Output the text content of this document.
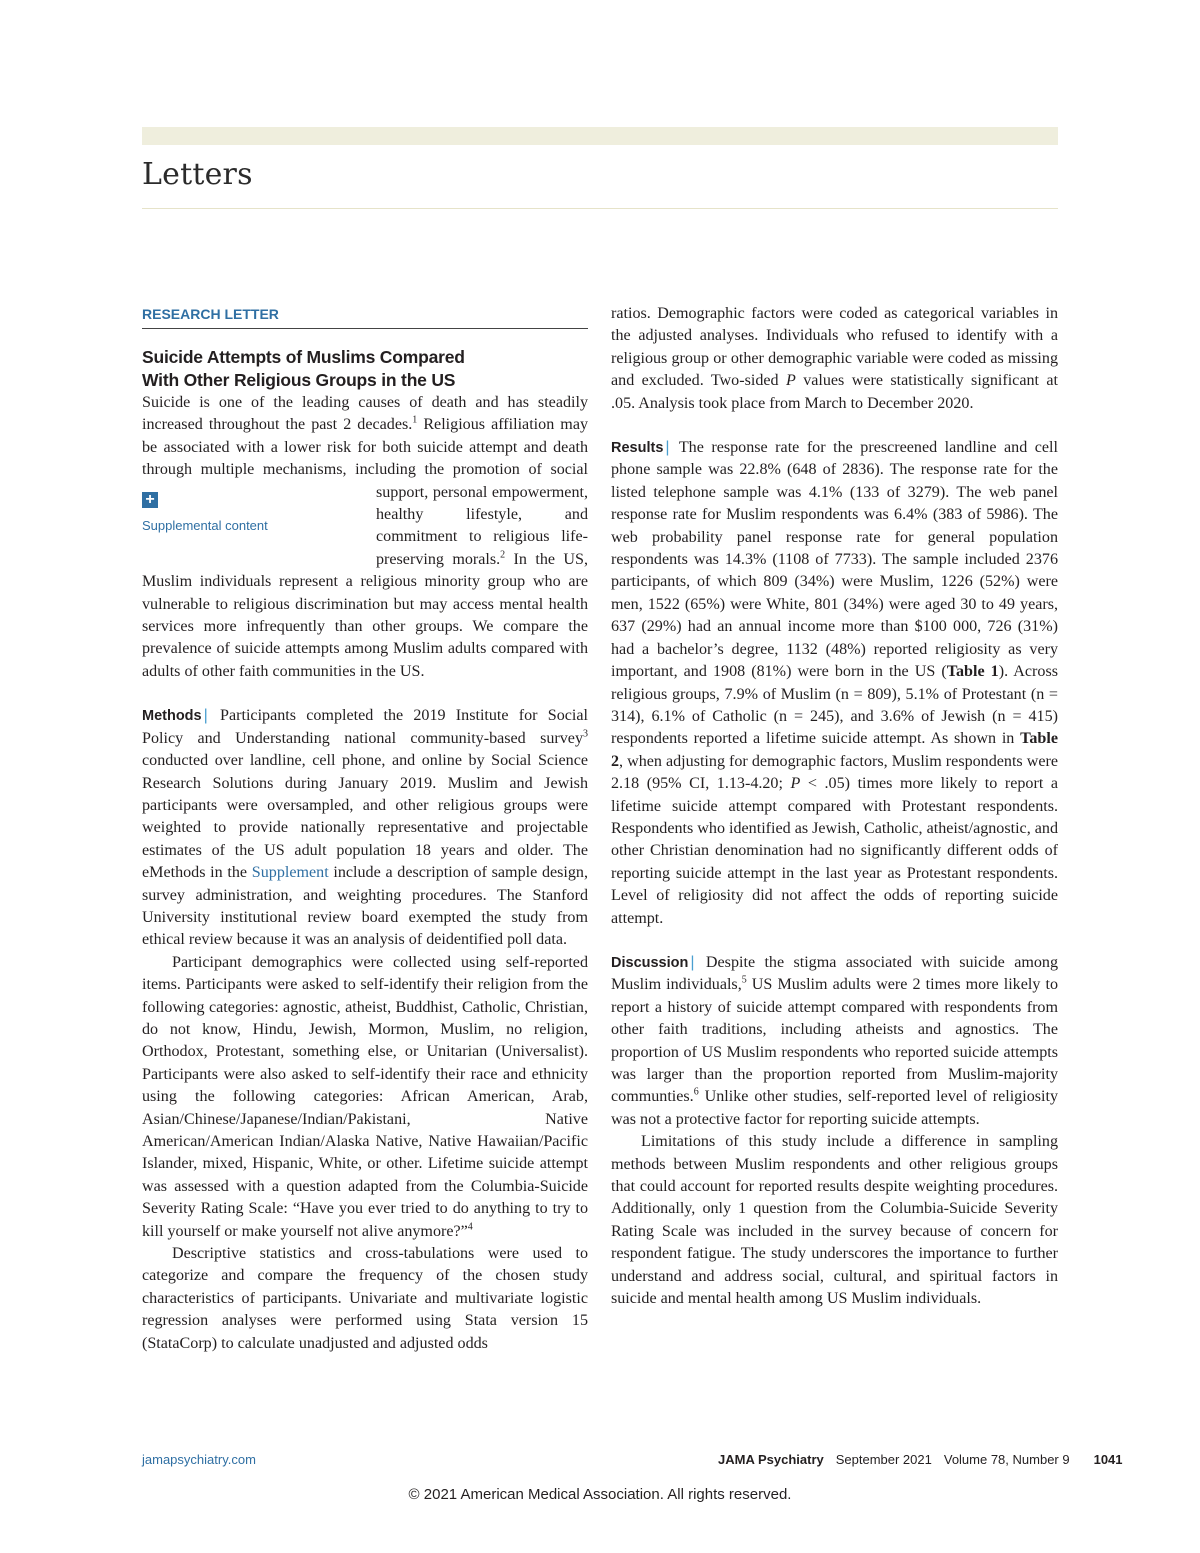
Letters
RESEARCH LETTER
Suicide Attempts of Muslims Compared
With Other Religious Groups in the US

Suicide is one of the leading causes of death and has steadily increased throughout the past 2 decades.$^1$ Religious affiliation may be associated with a lower risk for both suicide attempt and death through multiple mechanisms, including
+
Supplemental content
the promotion of social support, personal empowerment, healthy lifestyle, and commitment to religious life-preserving morals.$^2$ In the US, Muslim individuals represent a religious minority group who are vulnerable to religious discrimination but may access mental health services more infrequently than other groups. We compare the prevalence of suicide attempts among Muslim adults compared with adults of other faith communities in the US.

Methods | Participants completed the 2019 Institute for Social Policy and Understanding national community-based survey$^3$ conducted over landline, cell phone, and online by Social Science Research Solutions during January 2019. Muslim and Jewish participants were oversampled, and other religious groups were weighted to provide nationally representative and projectable estimates of the US adult population 18 years and older. The eMethods in the Supplement include a description of sample design, survey administration, and weighting procedures. The Stanford University institutional review board exempted the study from ethical review because it was an analysis of deidentified poll data.

Participant demographics were collected using self-reported items. Participants were asked to self-identify their religion from the following categories: agnostic, atheist, Buddhist, Catholic, Christian, do not know, Hindu, Jewish, Mormon, Muslim, no religion, Orthodox, Protestant, something else, or Unitarian (Universalist). Participants were also asked to self-identify their race and ethnicity using the following categories: African American, Arab, Asian/Chinese/Japanese/Indian/Pakistani, Native American/American Indian/Alaska Native, Native Hawaiian/Pacific Islander, mixed, Hispanic, White, or other. Lifetime suicide attempt was assessed with a question adapted from the Columbia-Suicide Severity Rating Scale: “Have you ever tried to do anything to try to kill yourself or make yourself not alive anymore?”$^4$

Descriptive statistics and cross-tabulations were used to categorize and compare the frequency of the chosen study characteristics of participants. Univariate and multivariate logistic regression analyses were performed using Stata version 15 (StataCorp) to calculate unadjusted and adjusted odds

ratios. Demographic factors were coded as categorical variables in the adjusted analyses. Individuals who refused to identify with a religious group or other demographic variable were coded as missing and excluded. Two-sided P values were statistically significant at .05. Analysis took place from March to December 2020.

Results | The response rate for the prescreened landline and cell phone sample was 22.8% (648 of 2836). The response rate for the listed telephone sample was 4.1% (133 of 3279). The web panel response rate for Muslim respondents was 6.4% (383 of 5986). The web probability panel response rate for general population respondents was 14.3% (1108 of 7733). The sample included 2376 participants, of which 809 (34%) were Muslim, 1226 (52%) were men, 1522 (65%) were White, 801 (34%) were aged 30 to 49 years, 637 (29%) had an annual income more than $100 000, 726 (31%) had a bachelor’s degree, 1132 (48%) reported religiosity as very important, and 1908 (81%) were born in the US (Table 1). Across religious groups, 7.9% of Muslim (n = 809), 5.1% of Protestant (n = 314), 6.1% of Catholic (n = 245), and 3.6% of Jewish (n = 415) respondents reported a lifetime suicide attempt. As shown in Table 2, when adjusting for demographic factors, Muslim respondents were 2.18 (95% CI, 1.13-4.20; P < .05) times more likely to report a lifetime suicide attempt compared with Protestant respondents. Respondents who identified as Jewish, Catholic, atheist/agnostic, and other Christian denomination had no significantly different odds of reporting suicide attempt in the last year as Protestant respondents. Level of religiosity did not affect the odds of reporting suicide attempt.

Discussion | Despite the stigma associated with suicide among Muslim individuals,$^5$ US Muslim adults were 2 times more likely to report a history of suicide attempt compared with respondents from other faith traditions, including atheists and agnostics. The proportion of US Muslim respondents who reported suicide attempts was larger than the proportion reported from Muslim-majority communties.$^6$ Unlike other studies, self-reported level of religiosity was not a protective factor for reporting suicide attempts.

Limitations of this study include a difference in sampling methods between Muslim respondents and other religious groups that could account for reported results despite weighting procedures. Additionally, only 1 question from the Columbia-Suicide Severity Rating Scale was included in the survey because of concern for respondent fatigue. The study underscores the importance to further understand and address social, cultural, and spiritual factors in suicide and mental health among US Muslim individuals.

jamapsychiatry.com	JAMA Psychiatry September 2021 Volume 78, Number 9 1041
© 2021 American Medical Association. All rights reserved.
